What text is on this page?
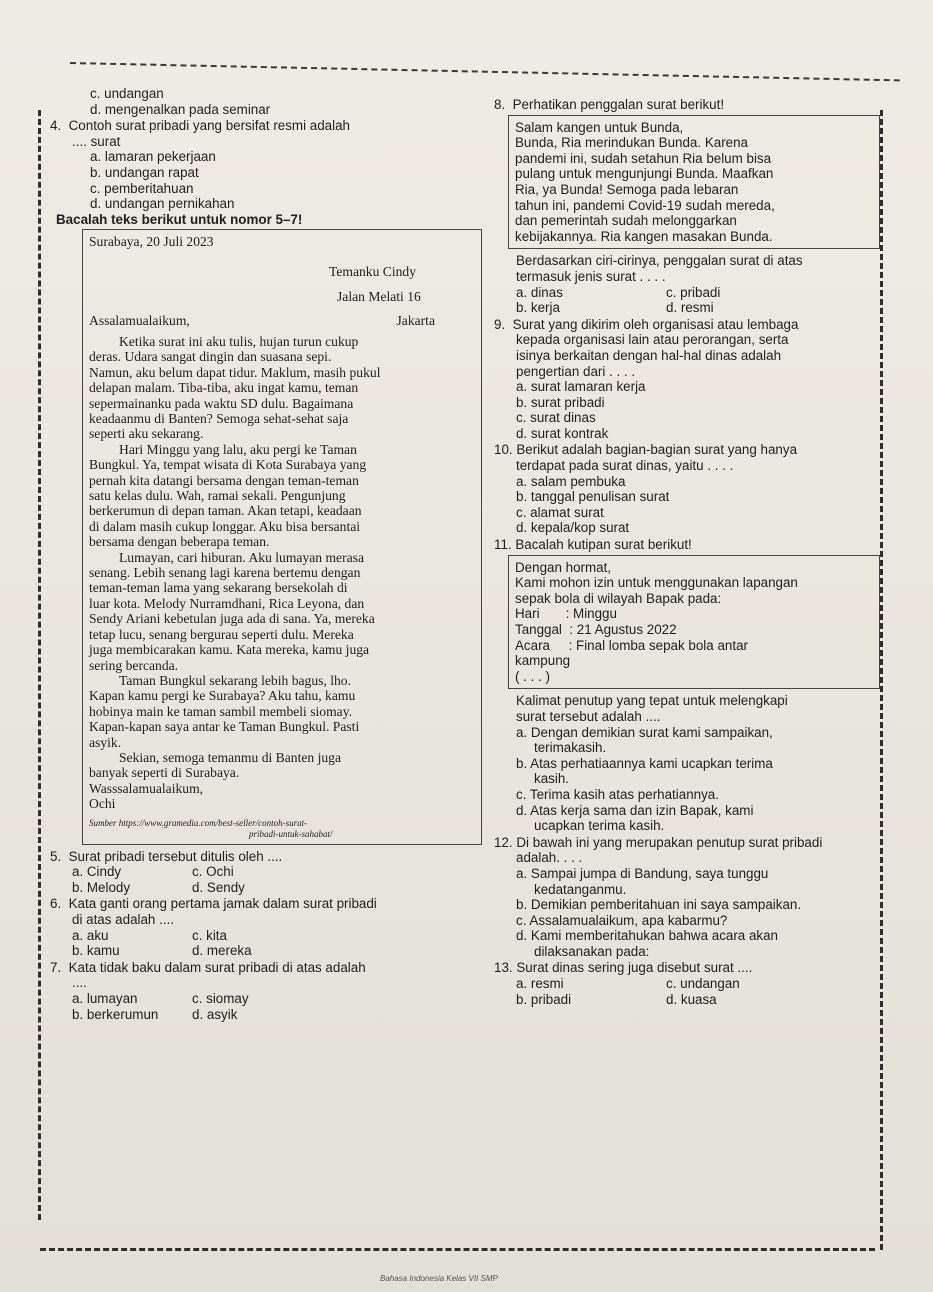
c. undangan
d. mengenalkan pada seminar
4. Contoh surat pribadi yang bersifat resmi adalah
.... surat
a. lamaran pekerjaan
b. undangan rapat
c. pemberitahuan
d. undangan pernikahan
Bacalah teks berikut untuk nomor 5–7!
Surabaya, 20 Juli 2023
Temanku Cindy
Jalan Melati 16
Assalamualaikum,	Jakarta
Ketika surat ini aku tulis, hujan turun cukup
deras. Udara sangat dingin dan suasana sepi.
Namun, aku belum dapat tidur. Maklum, masih pukul
delapan malam. Tiba-tiba, aku ingat kamu, teman
sepermainanku pada waktu SD dulu. Bagaimana
keadaanmu di Banten? Semoga sehat-sehat saja
seperti aku sekarang.
Hari Minggu yang lalu, aku pergi ke Taman
Bungkul. Ya, tempat wisata di Kota Surabaya yang
pernah kita datangi bersama dengan teman-teman
satu kelas dulu. Wah, ramai sekali. Pengunjung
berkerumun di depan taman. Akan tetapi, keadaan
di dalam masih cukup longgar. Aku bisa bersantai
bersama dengan beberapa teman.
Lumayan, cari hiburan. Aku lumayan merasa
senang. Lebih senang lagi karena bertemu dengan
teman-teman lama yang sekarang bersekolah di
luar kota. Melody Nurramdhani, Rica Leyona, dan
Sendy Ariani kebetulan juga ada di sana. Ya, mereka
tetap lucu, senang bergurau seperti dulu. Mereka
juga membicarakan kamu. Kata mereka, kamu juga
sering bercanda.
Taman Bungkul sekarang lebih bagus, lho.
Kapan kamu pergi ke Surabaya? Aku tahu, kamu
hobinya main ke taman sambil membeli siomay.
Kapan-kapan saya antar ke Taman Bungkul. Pasti
asyik.
Sekian, semoga temanmu di Banten juga
banyak seperti di Surabaya.
Wasssalamualaikum,
Ochi
Sumber https://www.gramedia.com/best-seller/contoh-surat-
pribadi-untuk-sahabat/
5. Surat pribadi tersebut ditulis oleh ....
a. Cindy	c. Ochi
b. Melody	d. Sendy
6. Kata ganti orang pertama jamak dalam surat pribadi
di atas adalah ....
a. aku	c. kita
b. kamu	d. mereka
7. Kata tidak baku dalam surat pribadi di atas adalah
....
a. lumayan	c. siomay
b. berkerumun	d. asyik
8. Perhatikan penggalan surat berikut!
Salam kangen untuk Bunda,
Bunda, Ria merindukan Bunda. Karena
pandemi ini, sudah setahun Ria belum bisa
pulang untuk mengunjungi Bunda. Maafkan
Ria, ya Bunda! Semoga pada lebaran
tahun ini, pandemi Covid-19 sudah mereda,
dan pemerintah sudah melonggarkan
kebijakannya. Ria kangen masakan Bunda.
Berdasarkan ciri-cirinya, penggalan surat di atas
termasuk jenis surat . . . .
a. dinas	c. pribadi
b. kerja	d. resmi
9. Surat yang dikirim oleh organisasi atau lembaga
kepada organisasi lain atau perorangan, serta
isinya berkaitan dengan hal-hal dinas adalah
pengertian dari . . . .
a. surat lamaran kerja
b. surat pribadi
c. surat dinas
d. surat kontrak
10. Berikut adalah bagian-bagian surat yang hanya
terdapat pada surat dinas, yaitu . . . .
a. salam pembuka
b. tanggal penulisan surat
c. alamat surat
d. kepala/kop surat
11. Bacalah kutipan surat berikut!
Dengan hormat,
Kami mohon izin untuk menggunakan lapangan
sepak bola di wilayah Bapak pada:
Hari       : Minggu
Tanggal  : 21 Agustus 2022
Acara     : Final lomba sepak bola antar
kampung
( . . . )
Kalimat penutup yang tepat untuk melengkapi
surat tersebut adalah ....
a. Dengan demikian surat kami sampaikan,
terimakasih.
b. Atas perhatiaannya kami ucapkan terima
kasih.
c. Terima kasih atas perhatiannya.
d. Atas kerja sama dan izin Bapak, kami
ucapkan terima kasih.
12. Di bawah ini yang merupakan penutup surat pribadi
adalah. . . .
a. Sampai jumpa di Bandung, saya tunggu
kedatanganmu.
b. Demikian pemberitahuan ini saya sampaikan.
c. Assalamualaikum, apa kabarmu?
d. Kami memberitahukan bahwa acara akan
dilaksanakan pada:
13. Surat dinas sering juga disebut surat ....
a. resmi	c. undangan
b. pribadi	d. kuasa
Bahasa Indonesia Kelas VII SMP
